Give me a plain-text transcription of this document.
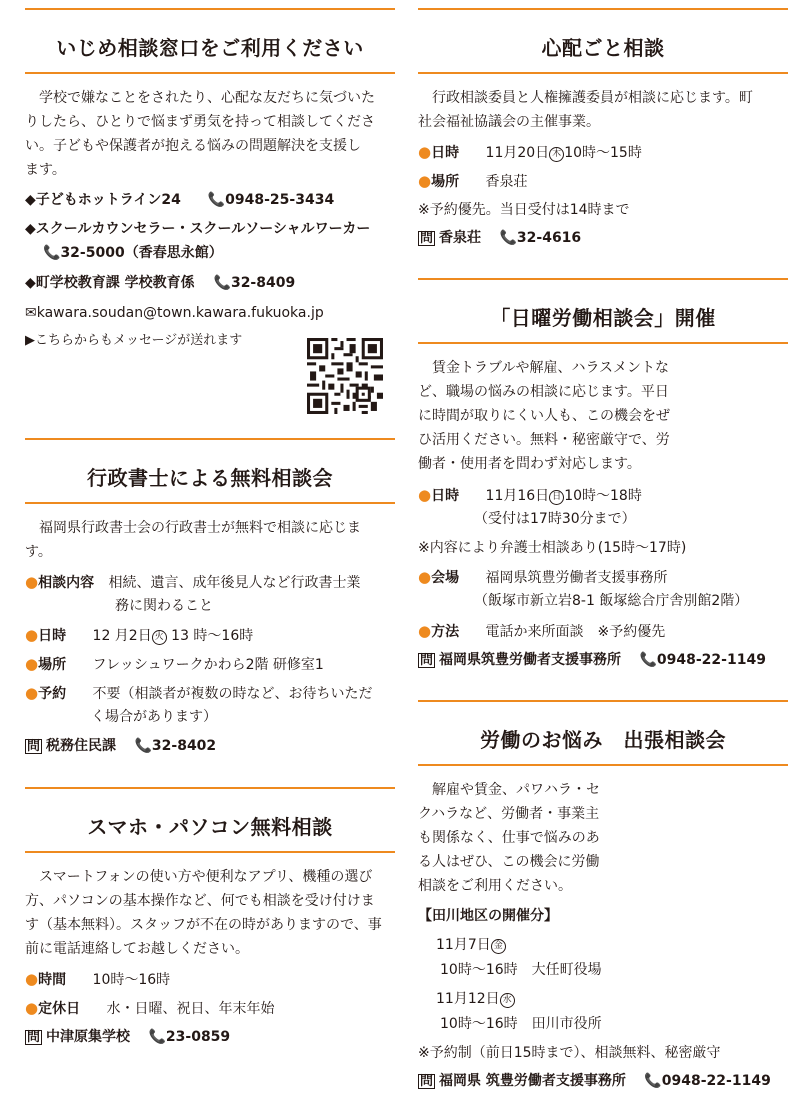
いじめ相談窓口をご利用ください
　学校で嫌なことをされたり、心配な友だちに気づいた
りしたら、ひとりで悩まず勇気を持って相談してくださ
い。子どもや保護者が抱える悩みの問題解決を支援し
ます。
◆子どもホットライン24 📞0948-25-3434
◆スクールカウンセラー・スクールソーシャルワーカー
📞32-5000（香春思永館）
◆町学校教育課 学校教育係 📞32-8409
✉kawara.soudan@town.kawara.fukuoka.jp
▶こちらからもメッセージが送れます
行政書士による無料相談会
　福岡県行政書士会の行政書士が無料で相談に応じま
す。
●相談内容 相続、遺言、成年後見人など行政書士業
務に関わること
●日時 12 月2日 火 13 時〜16時
●場所 フレッシュワークかわら2階 研修室1
●予約 不要（相談者が複数の時など、お待ちいただ
く場合があります）
問 税務住民課 📞32-8402
スマホ・パソコン無料相談
　スマートフォンの使い方や便利なアプリ、機種の選び
方、パソコンの基本操作など、何でも相談を受け付けま
す（基本無料）。スタッフが不在の時がありますので、事
前に電話連絡してお越しください。
●時間 10時〜16時
●定休日 水・日曜、祝日、年末年始
問 中津原集学校 📞23-0859
心配ごと相談
　行政相談委員と人権擁護委員が相談に応じます。町
社会福祉協議会の主催事業。
●日時 11月20日 木 10時〜15時
●場所 香泉荘
※予約優先。当日受付は14時まで
問 香泉荘 📞32-4616
「日曜労働相談会」開催
　賃金トラブルや解雇、ハラスメントな
ど、職場の悩みの相談に応じます。平日
に時間が取りにくい人も、この機会をぜ
ひ活用ください。無料・秘密厳守で、労
働者・使用者を問わず対応します。
●日時 11月16日 日 10時〜18時
（受付は17時30分まで）
※内容により弁護士相談あり(15時〜17時)
●会場 福岡県筑豊労働者支援事務所
（飯塚市新立岩8-1 飯塚総合庁舎別館2階）
●方法 電話か来所面談　※予約優先
問 福岡県筑豊労働者支援事務所 📞0948-22-1149
労働のお悩み　出張相談会
　解雇や賃金、パワハラ・セ
クハラなど、労働者・事業主
も関係なく、仕事で悩みのあ
る人はぜひ、この機会に労働
相談をご利用ください。
【田川地区の開催分】
11月7日 金
10時〜16時　大任町役場
11月12日 水
10時〜16時　田川市役所
※予約制（前日15時まで）、相談無料、秘密厳守
問 福岡県 筑豊労働者支援事務所 📞0948-22-1149
